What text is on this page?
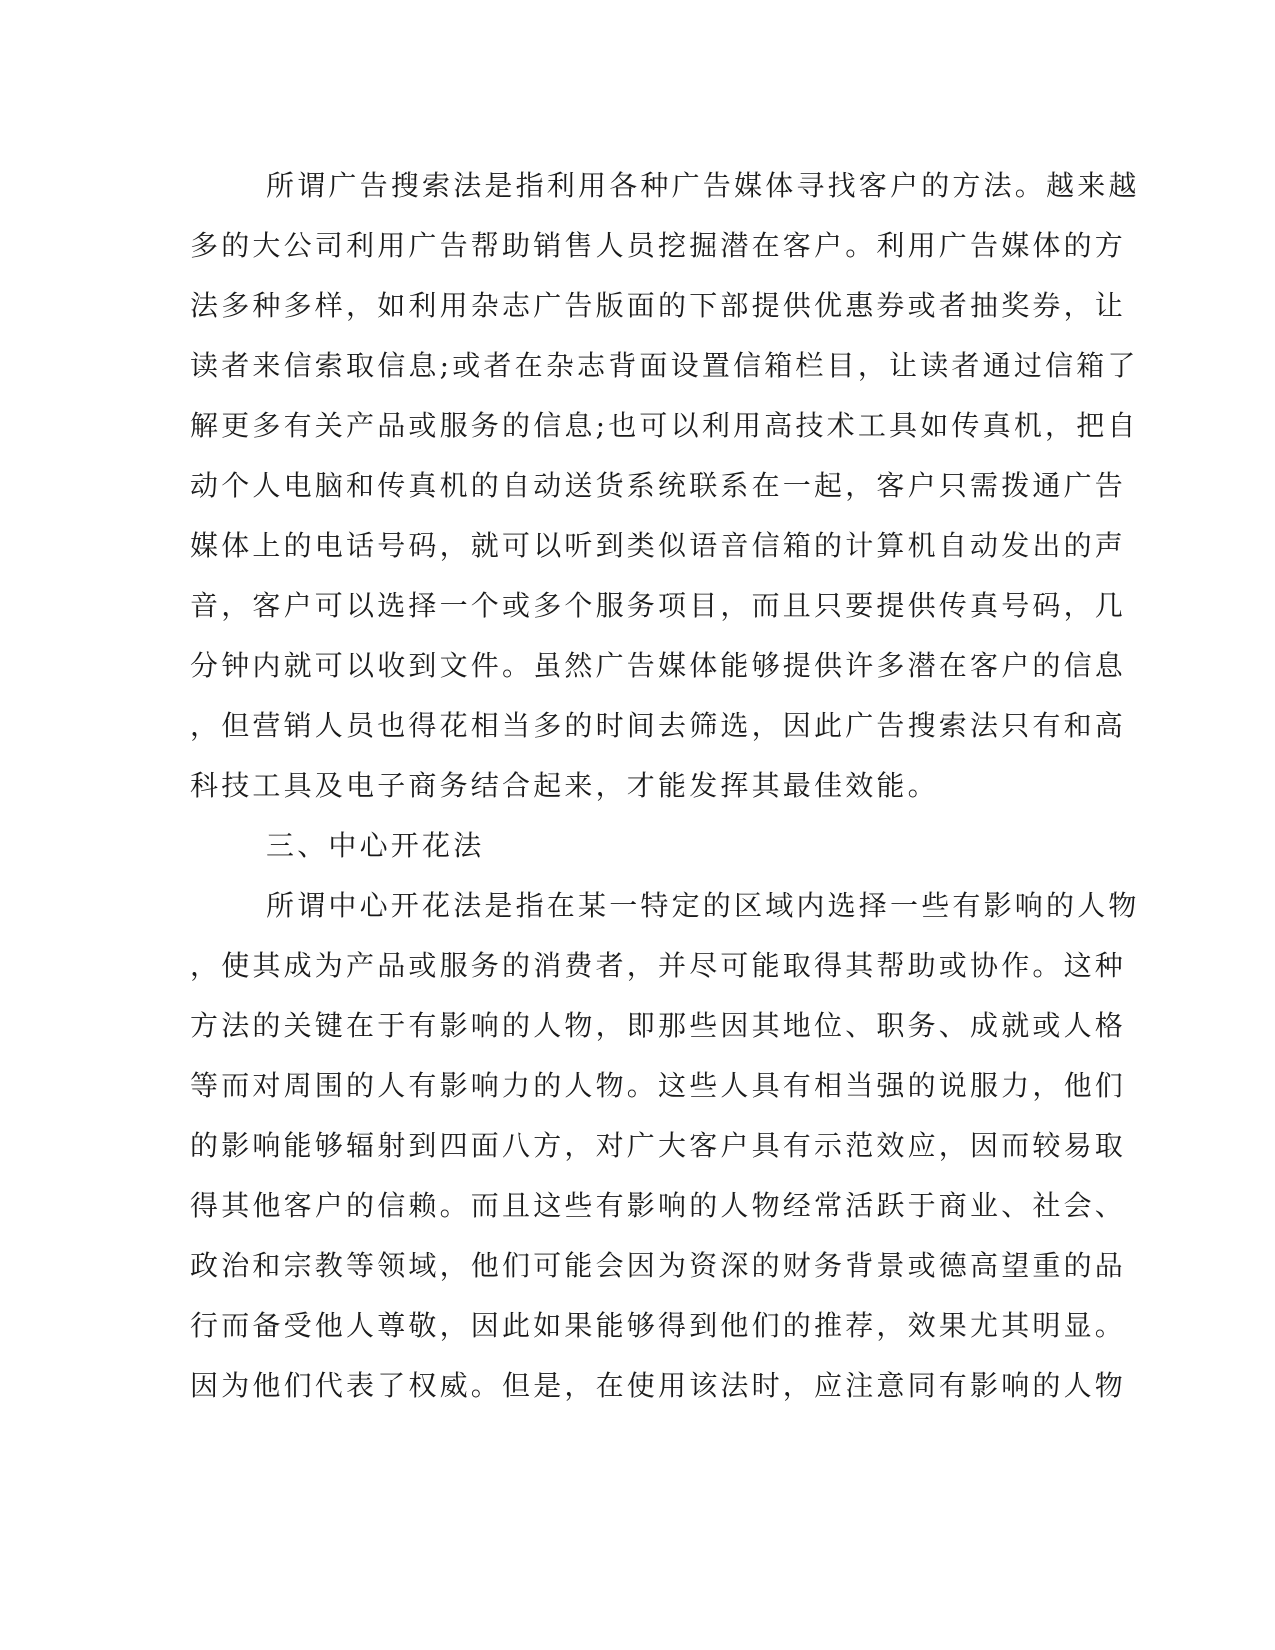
所谓广告搜索法是指利用各种广告媒体寻找客户的方法。越来越
多的大公司利用广告帮助销售人员挖掘潜在客户。利用广告媒体的方
法多种多样，如利用杂志广告版面的下部提供优惠券或者抽奖券，让
读者来信索取信息;或者在杂志背面设置信箱栏目，让读者通过信箱了
解更多有关产品或服务的信息;也可以利用高技术工具如传真机，把自
动个人电脑和传真机的自动送货系统联系在一起，客户只需拨通广告
媒体上的电话号码，就可以听到类似语音信箱的计算机自动发出的声
音，客户可以选择一个或多个服务项目，而且只要提供传真号码，几
分钟内就可以收到文件。虽然广告媒体能够提供许多潜在客户的信息
，但营销人员也得花相当多的时间去筛选，因此广告搜索法只有和高
科技工具及电子商务结合起来，才能发挥其最佳效能。
三、中心开花法
所谓中心开花法是指在某一特定的区域内选择一些有影响的人物
，使其成为产品或服务的消费者，并尽可能取得其帮助或协作。这种
方法的关键在于有影响的人物，即那些因其地位、职务、成就或人格
等而对周围的人有影响力的人物。这些人具有相当强的说服力，他们
的影响能够辐射到四面八方，对广大客户具有示范效应，因而较易取
得其他客户的信赖。而且这些有影响的人物经常活跃于商业、社会、
政治和宗教等领域，他们可能会因为资深的财务背景或德高望重的品
行而备受他人尊敬，因此如果能够得到他们的推荐，效果尤其明显。
因为他们代表了权威。但是，在使用该法时，应注意同有影响的人物
